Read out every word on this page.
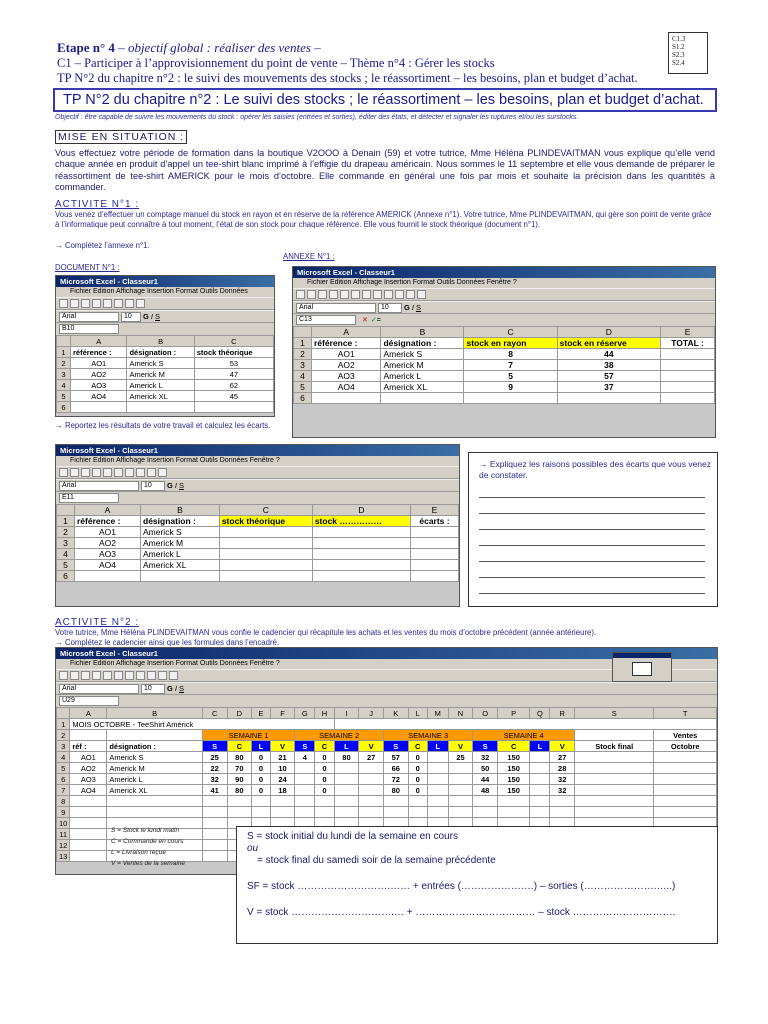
Etape n° 4 – objectif global : réaliser des ventes –
C1 – Participer à l’approvisionnement du point de vente – Thème n°4 : Gérer les stocks
TP N°2 du chapitre n°2 : le suivi des mouvements des stocks ; le réassortiment – les besoins, plan et budget d’achat.
C1.3
S1.2
S2.3
S2.4
TP N°2 du chapitre n°2 : Le suivi des stocks ; le réassortiment – les besoins, plan et budget d’achat.
Objectif : être capable de suivre les mouvements du stock : opérer les saisies (entrées et sorties), éditer des états, et détecter et signaler les ruptures et/ou les surstocks.
MISE EN SITUATION :
Vous effectuez votre période de formation dans la boutique V2OOO à Denain (59) et votre tutrice, Mme Héléna PLINDEVAITMAN vous explique qu’elle vend chaque année en produit d’appel un tee-shirt blanc imprimé à l’effigie du drapeau américain. Nous sommes le 11 septembre et elle vous demande de préparer le réassortiment de tee-shirt AMERICK pour le mois d’octobre. Elle commande en général une fois par mois et souhaite la précision dans les quantités à commander.
ACTIVITE N°1 :
Vous venez d’effectuer un comptage manuel du stock en rayon et en réserve de la référence AMERICK (Annexe n°1). Votre tutrice, Mme PLINDEVAITMAN, qui gère son point de vente grâce à l’informatique peut connaître à tout moment, l’état de son stock pour chaque référence. Elle vous fournit le stock théorique (document n°1).
→ Complétez l’annexe n°1.
DOCUMENT N°1 :
ANNEXE N°1 :
Microsoft Excel - Classeur1
Fichier Edition Affichage Insertion Format Outils Données
Arial	10	G I S
B10
	A	B	C
1	référence :	désignation :	stock théorique
2	AO1	Americk S	53
3	AO2	Americk M	47
4	AO3	Americk L	62
5	AO4	Americk XL	45
6			
Microsoft Excel - Classeur1
Fichier Edition Affichage Insertion Format Outils Données Fenêtre ?
Arial	10	G I S
C13	✕ ✓ =
	A	B	C	D	E
1	référence :	désignation :	stock en rayon	stock en réserve	TOTAL :
2	AO1	Americk S	8	44	
3	AO2	Americk M	7	38	
4	AO3	Americk L	5	57	
5	AO4	Americk XL	9	37	
6					
→ Reportez les résultats de votre travail et calculez les écarts.
Microsoft Excel - Classeur1
Fichier Edition Affichage Insertion Format Outils Données Fenêtre ?
Arial	10	G I S
E11
	A	B	C	D	E
1	référence :	désignation :	stock théorique	stock ……………	écarts :
2	AO1	Americk S			
3	AO2	Americk M			
4	AO3	Americk L			
5	AO4	Americk XL			
6					
→ Expliquez les raisons possibles des écarts que vous venez de constater.
ACTIVITE N°2 :
Votre tutrice, Mme Héléna PLINDEVAITMAN vous confie le cadencier qui récapitule les achats et les ventes du mois d’octobre précédent (année antérieure).
→ Complétez le cadencier ainsi que les formules dans l’encadré.
Microsoft Excel - Classeur1
Fichier Edition Affichage Insertion Format Outils Données Fenêtre ?
Arial	10	G I S
U29
	A	B	C	D	E	F	G	H	I	J	K	L	M	N	O	P	Q	R	S	T
1	MOIS OCTOBRE - TeeShirt Américk																			
2			SEMAINE 1				SEMAINE 2				SEMAINE 3				SEMAINE 4					Ventes
3	réf :	désignation :	S	C	L	V	S	C	L	V	S	C	L	V	S	C	L	V	Stock final	Octobre
4	AO1	Americk S	25	80	0	21	4	0	80	27	57	0		25	32	150		27		
5	AO2	Americk M	22	70	0	10		0			66	0			50	150		28		
6	AO3	Americk L	32	90	0	24		0			72	0			44	150		32		
7	AO4	Americk XL	41	80	0	18		0			80	0			48	150		32		
8																				
9																				
10																				
11																				
12																				
13																				
S = Stock le lundi matin
C = Commande en cours
L = Livraison reçue
V = Ventes de la semaine
S = stock initial du lundi de la semaine en cours
ou
= stock final du samedi soir de la semaine précédente
SF = stock ……………………….…… + entrées (………………….) – sorties (………………….…..)
V = stock ………………………….… + ……………………………… – stock ………………………….
